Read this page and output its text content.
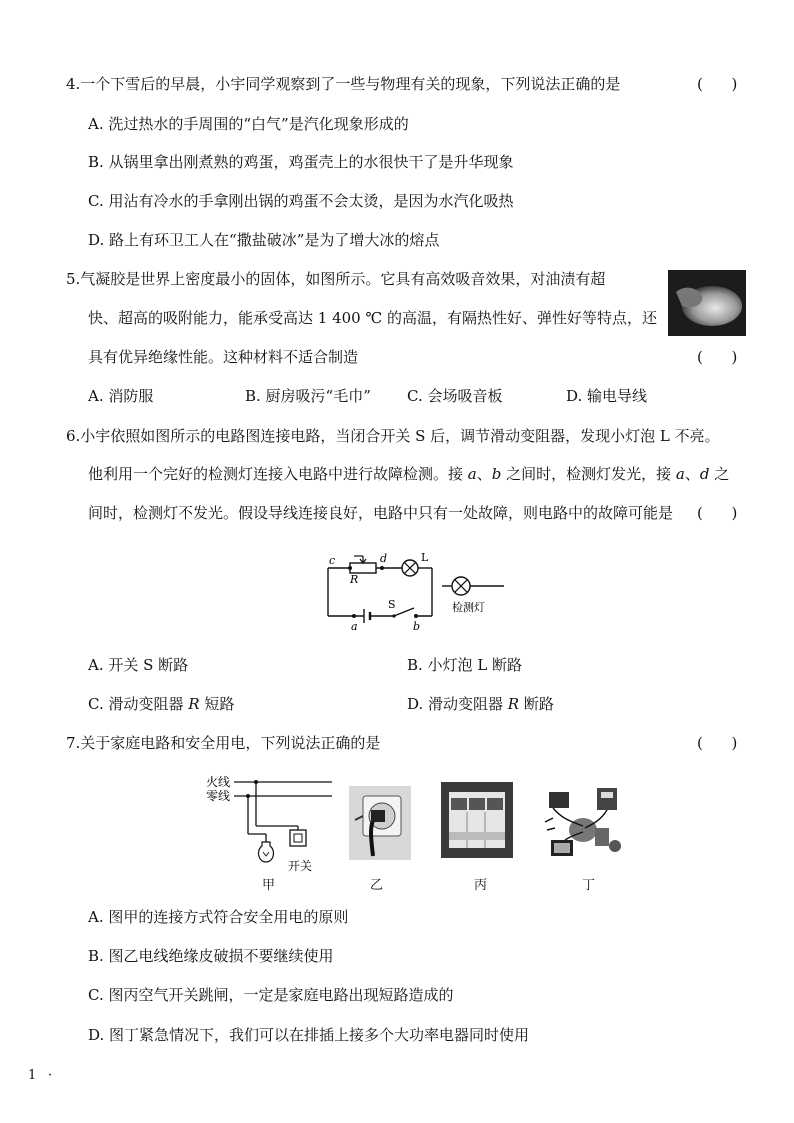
4.一个下雪后的早晨，小宇同学观察到了一些与物理有关的现象，下列说法正确的是	(      )
A. 洗过热水的手周围的“白气”是汽化现象形成的
B. 从锅里拿出刚煮熟的鸡蛋，鸡蛋壳上的水很快干了是升华现象
C. 用沾有冷水的手拿刚出锅的鸡蛋不会太烫，是因为水汽化吸热
D. 路上有环卫工人在“撒盐破冰”是为了增大冰的熔点
5.气凝胶是世界上密度最小的固体，如图所示。它具有高效吸音效果，对油渍有超
快、超高的吸附能力，能承受高达 1 400 ℃ 的高温，有隔热性好、弹性好等特点，还
具有优异绝缘性能。这种材料不适合制造	(      )
A. 消防服	B. 厨房吸污“毛巾” C. 会场吸音板	D. 输电导线
6.小宇依照如图所示的电路图连接电路，当闭合开关 S 后，调节滑动变阻器，发现小灯泡 L 不亮。
他利用一个完好的检测灯连接入电路中进行故障检测。接 a、b 之间时，检测灯发光，接 a、d 之
间时，检测灯不发光。假设导线连接良好，电路中只有一处故障，则电路中的故障可能是 (      )
c
R
d	L
S
a	b
检测灯
A. 开关 S 断路	B. 小灯泡 L 断路
C. 滑动变阻器 R 短路	D. 滑动变阻器 R 断路
7.关于家庭电路和安全用电，下列说法正确的是	(      )
火线
零线
开关
甲	乙	丙	丁
A. 图甲的连接方式符合安全用电的原则
B. 图乙电线绝缘皮破损不要继续使用
C. 图丙空气开关跳闸，一定是家庭电路出现短路造成的
D. 图丁紧急情况下，我们可以在排插上接多个大功率电器同时使用
1 ·
